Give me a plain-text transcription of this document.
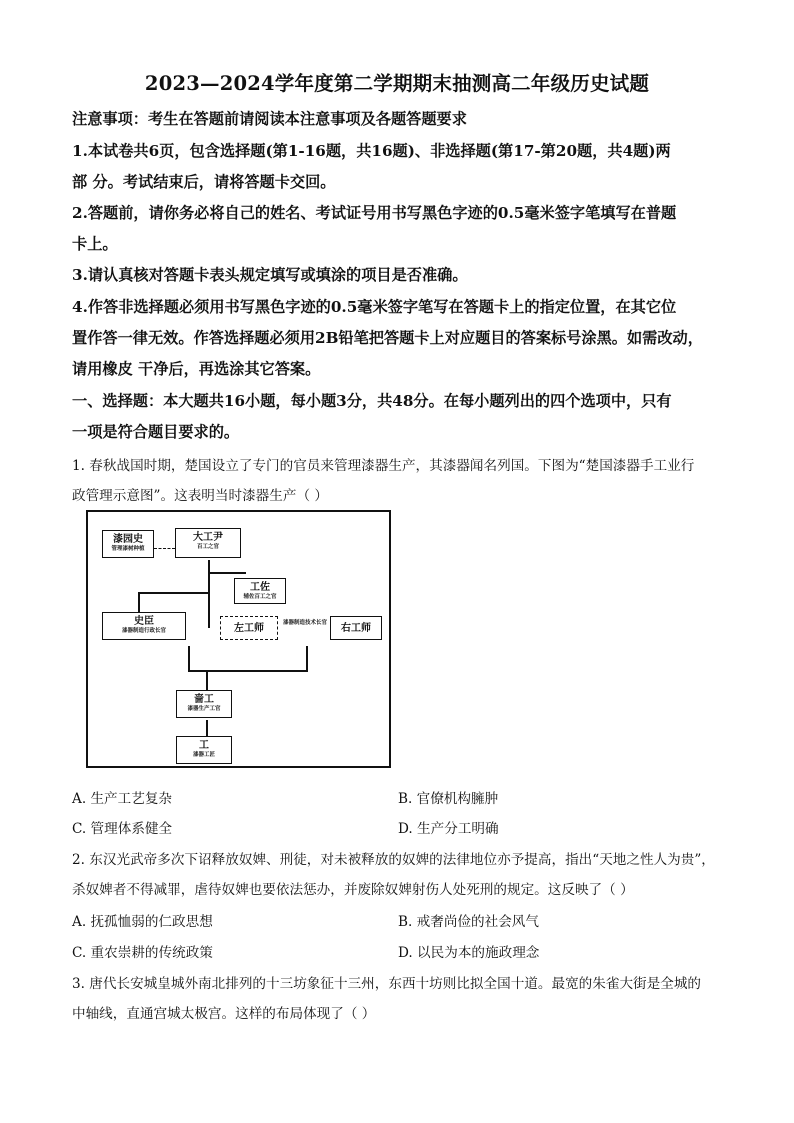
2023—2024学年度第二学期期末抽测高二年级历史试题
注意事项：考生在答题前请阅读本注意事项及各题答题要求
1.本试卷共6页，包含选择题(第1-16题，共16题)、非选择题(第17-第20题，共4题)两
部 分。考试结束后，请将答题卡交回。
2.答题前，请你务必将自己的姓名、考试证号用书写黑色字迹的0.5毫米签字笔填写在普题
卡上。
3.请认真核对答题卡表头规定填写或填涂的项目是否准确。
4.作答非选择题必须用书写黑色字迹的0.5毫米签字笔写在答题卡上的指定位置，在其它位
置作答一律无效。作答选择题必须用2B铅笔把答题卡上对应题目的答案标号涂黑。如需改动，
请用橡皮 干净后，再选涂其它答案。
一、选择题：本大题共16小题，每小题3分，共48分。在每小题列出的四个选项中，只有
一项是符合题目要求的。
1. 春秋战国时期，楚国设立了专门的官员来管理漆器生产，其漆器闻名列国。下图为“楚国漆器手工业行
政管理示意图”。这表明当时漆器生产（ ）
漆园史
管理漆树种植
大工尹
百工之官
工佐
辅佐百工之官
史臣
漆器制造行政长官	左工师	漆器制造技术长官	右工师
啬工
漆器生产工官
工
漆器工匠
A. 生产工艺复杂	B. 官僚机构臃肿
C. 管理体系健全	D. 生产分工明确
2. 东汉光武帝多次下诏释放奴婢、刑徒，对未被释放的奴婢的法律地位亦予提高，指出“天地之性人为贵”，
杀奴婢者不得减罪，虐待奴婢也要依法惩办，并废除奴婢射伤人处死刑的规定。这反映了（ ）
A. 抚孤恤弱的仁政思想	B. 戒奢尚俭的社会风气
C. 重农崇耕的传统政策	D. 以民为本的施政理念
3. 唐代长安城皇城外南北排列的十三坊象征十三州，东西十坊则比拟全国十道。最宽的朱雀大街是全城的
中轴线，直通宫城太极宫。这样的布局体现了（ ）
